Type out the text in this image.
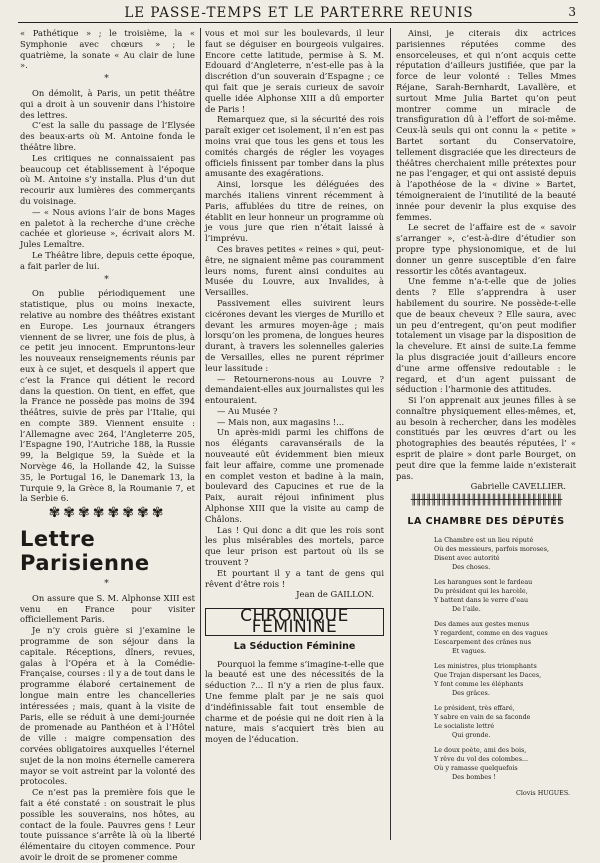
LE PASSE-TEMPS ET LE PARTERRE REUNIS	3

« Pathétique » ; le troisième, la « Symphonie avec chœurs » ; le quatrième, la sonate « Au clair de lune ».

*

On démolit, à Paris, un petit théâtre qui a droit à un souvenir dans l’histoire des lettres.

C’est la salle du passage de l’Elysée des beaux-arts où M. Antoine fonda le théâtre libre.

Les critiques ne connaissaient pas beaucoup cet établissement à l’époque où M. Antoine s’y installa. Plus d’un dut recourir aux lumières des commerçants du voisinage.

— « Nous avions l’air de bons Mages en paletot à la recherche d’une crèche cachée et glorieuse », écrivait alors M. Jules Lemaître.

Le Théâtre libre, depuis cette époque, a fait parler de lui.

*

On publie périodiquement une statistique, plus ou moins inexacte, relative au nombre des théâtres existant en Europe. Les journaux étrangers viennent de se livrer, une fois de plus, à ce petit jeu innocent. Empruntons-leur les nouveaux renseignements réunis par eux à ce sujet, et desquels il appert que c’est la France qui détient le record dans la question. On tient, en effet, que la France ne possède pas moins de 394 théâtres, suivie de près par l’Italie, qui en compte 389. Viennent ensuite : l’Allemagne avec 264, l’Angleterre 205, l’Espagne 190, l’Autriche 188, la Russie 99, la Belgique 59, la Suède et la Norvège 46, la Hollande 42, la Suisse 35, le Portugal 16, le Danemark 13, la Turquie 9, la Grèce 8, la Roumanie 7, et la Serbie 6.

✾✾✾✾✾✾✾✾
Lettre Parisienne
*

On assure que S. M. Alphonse XIII est venu en France pour visiter officiellement Paris.

Je n’y crois guère si j’examine le programme de son séjour dans la capitale. Réceptions, dîners, revues, galas à l’Opéra et à la Comédie-Française, courses : il y a de tout dans le programme élaboré certainement de longue main entre les chancelleries intéressées ; mais, quant à la visite de Paris, elle se réduit à une demi-journée de promenade au Panthéon et à l’Hôtel de ville : maigre compensation des corvées obligatoires auxquelles l’éternel sujet de la non moins éternelle camerera mayor se voit astreint par la volonté des protocoles.

Ce n’est pas la première fois que le fait a été constaté : on soustrait le plus possible les souverains, nos hôtes, au contact de la foule. Pauvres gens ! Leur toute puissance s’arrête là où la liberté élémentaire du citoyen commence. Pour avoir le droit de se promener comme

vous et moi sur les boulevards, il leur faut se déguiser en bourgeois vulgaires. Encore cette latitude, permise à S. M. Edouard d’Angleterre, n’est-elle pas à la discrétion d’un souverain d’Espagne ; ce qui fait que je serais curieux de savoir quelle idée Alphonse XIII a dû emporter de Paris !

Remarquez que, si la sécurité des rois paraît exiger cet isolement, il n’en est pas moins vrai que tous les gens et tous les comités chargés de régler les voyages officiels finissent par tomber dans la plus amusante des exagérations.

Ainsi, lorsque les déléguées des marchés italiens vinrent récemment à Paris, affublées du titre de reines, on établit en leur honneur un programme où je vous jure que rien n’était laissé à l’imprévu.

Ces braves petites « reines » qui, peut-être, ne signaient même pas couramment leurs noms, furent ainsi conduites au Musée du Louvre, aux Invalides, à Versailles.

Passivement elles suivirent leurs cicérones devant les vierges de Murillo et devant les armures moyen-âge ; mais lorsqu’on les promena, de longues heures durant, à travers les solennelles galeries de Versailles, elles ne purent réprimer leur lassitude :

— Retournerons-nous au Louvre ? demandaient-elles aux journalistes qui les entouraient.

— Au Musée ?

— Mais non, aux magasins !...

Un après-midi parmi les chiffons de nos élégants caravansérails de la nouveauté eût évidemment bien mieux fait leur affaire, comme une promenade en complet veston et badine à la main, boulevard des Capucines et rue de la Paix, aurait réjoui infiniment plus Alphonse XIII que la visite au camp de Châlons.

Las ! Qui donc a dit que les rois sont les plus misérables des mortels, parce que leur prison est partout où ils se trouvent ?

Et pourtant il y a tant de gens qui rêvent d’être rois !

Jean de GAILLON.

CHRONIQUE FÉMININE
La Séduction Féminine

Pourquoi la femme s’imagine-t-elle que la beauté est une des nécessités de la séduction ?... Il n’y a rien de plus faux. Une femme plaît par je ne sais quoi d’indéfinissable fait tout ensemble de charme et de poésie qui ne doit rien à la nature, mais s’acquiert très bien au moyen de l’éducation.

Ainsi, je citerais dix actrices parisiennes réputées comme des ensorceleuses, et qui n’ont acquis cette réputation d’ailleurs justifiée, que par la force de leur volonté : Telles Mmes Réjane, Sarah-Bernhardt, Lavallère, et surtout Mme Julia Bartet qu’on peut montrer comme un miracle de transfiguration dû à l’effort de soi-même. Ceux-là seuls qui ont connu la « petite » Bartet sortant du Conservatoire, tellement disgraciée que les directeurs de théâtres cherchaient mille prétextes pour ne pas l’engager, et qui ont assisté depuis à l’apothéose de la « divine » Bartet, témoigneraient de l’inutilité de la beauté innée pour devenir la plus exquise des femmes.

Le secret de l’affaire est de « savoir s’arranger », c’est-à-dire d’étudier son propre type physionomique, et de lui donner un genre susceptible d’en faire ressortir les côtés avantageux.

Une femme n’a-t-elle que de jolies dents ? Elle s’apprendra à user habilement du sourire. Ne possède-t-elle que de beaux cheveux ? Elle saura, avec un peu d’entregent, qu’on peut modifier totalement un visage par la disposition de la chevelure. Et ainsi de suite.La femme la plus disgraciée jouit d’ailleurs encore d’une arme offensive redoutable : le regard, et d’un agent puissant de séduction : l’harmonie des attitudes.

Si l’on apprenait aux jeunes filles à se connaître physiquement elles-mêmes, et, au besoin à rechercher, dans les modèles constitués par les œuvres d’art ou les photographies des beautés réputées, l’ « esprit de plaire » dont parle Bourget, on peut dire que la femme laide n’existerait pas.

Gabrielle CAVELLIER.

╫╫╫╫╫╫╫╫╫╫╫╫╫╫╫╫╫╫╫╫╫╫╫╫╫╫╫╫╫╫
LA CHAMBRE DES DÉPUTÉS
La Chambre est un lieu réputé
Où des messieurs, parfois moroses,
Disent avec autorité
Des choses.
Les harangues sont le fardeau
Du président qui les harcèle,
Y battent dans le verre d’eau
De l’aile.
Des dames aux gestes menus
Y regardent, comme en des vagues
L’escarpement des crânes nus
Et vagues.
Les ministres, plus triomphants
Que Trajan dispersant les Daces,
Y font comme les éléphants
Des grâces.
Le président, très effaré,
Y sabre en vain de sa faconde
Le socialiste lettré
Qui gronde.
Le doux poète, ami des bois,
Y rêve du vol des colombes...
Où y ramasse quelquefois
Des bombes !
Clovis HUGUES.
